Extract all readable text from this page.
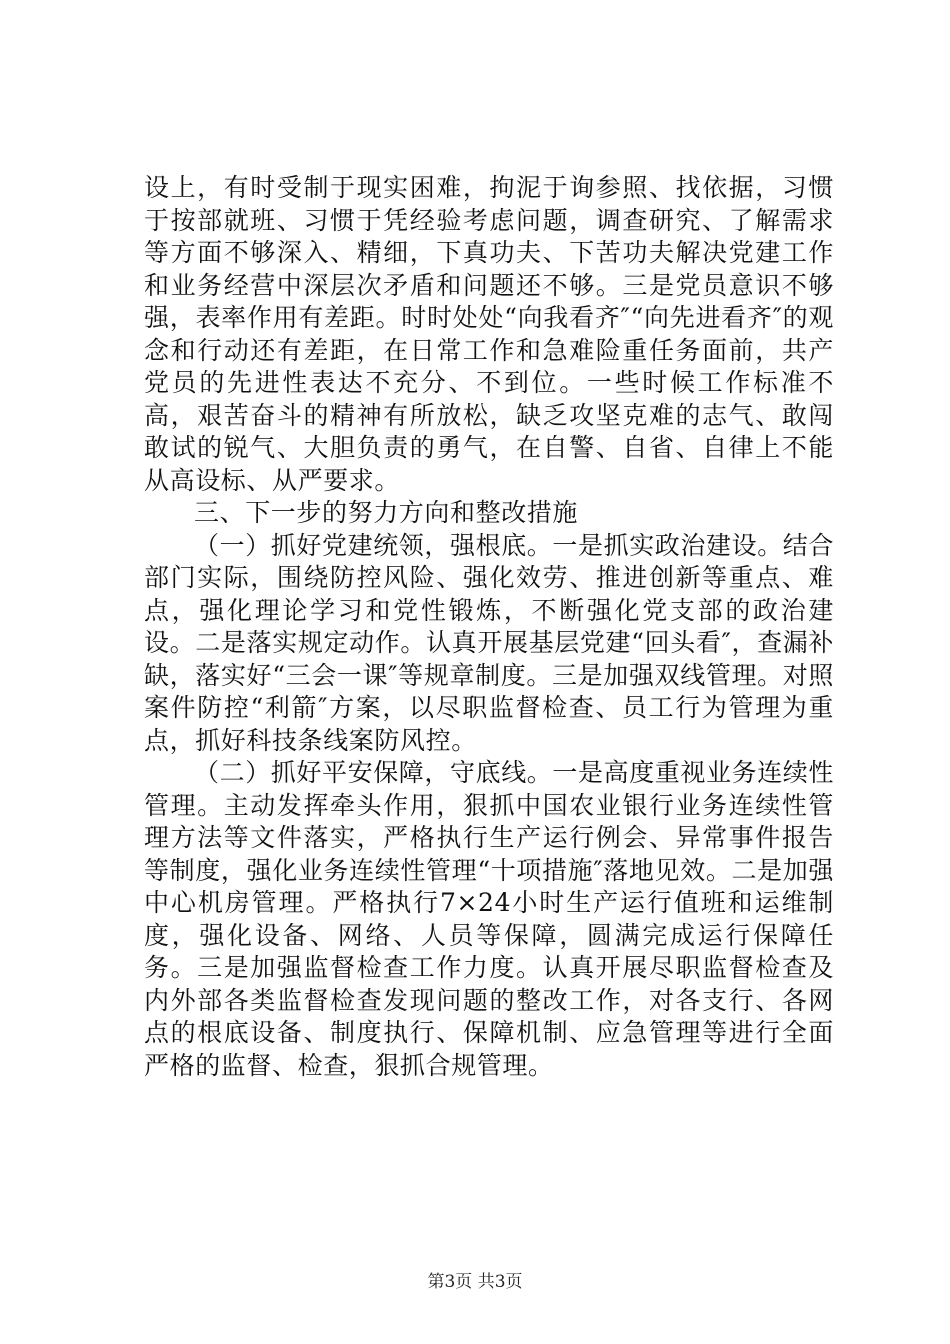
设上，有时受制于现实困难，拘泥于询参照、找依据，习惯于按部就班、习惯于凭经验考虑问题，调查研究、了解需求等方面不够深入、精细，下真功夫、下苦功夫解决党建工作和业务经营中深层次矛盾和问题还不够。三是党员意识不够强，表率作用有差距。时时处处“向我看齐″“向先进看齐″的观念和行动还有差距，在日常工作和急难险重任务面前，共产党员的先进性表达不充分、不到位。一些时候工作标准不高，艰苦奋斗的精神有所放松，缺乏攻坚克难的志气、敢闯敢试的锐气、大胆负责的勇气，在自警、自省、自律上不能从高设标、从严要求。

三、下一步的努力方向和整改措施

（一）抓好党建统领，强根底。一是抓实政治建设。结合部门实际，围绕防控风险、强化效劳、推进创新等重点、难点，强化理论学习和党性锻炼，不断强化党支部的政治建设。二是落实规定动作。认真开展基层党建“回头看″，查漏补缺，落实好“三会一课″等规章制度。三是加强双线管理。对照案件防控“利箭″方案，以尽职监督检查、员工行为管理为重点，抓好科技条线案防风控。

（二）抓好平安保障，守底线。一是高度重视业务连续性管理。主动发挥牵头作用，狠抓中国农业银行业务连续性管理方法等文件落实，严格执行生产运行例会、异常事件报告等制度，强化业务连续性管理“十项措施″落地见效。二是加强中心机房管理。严格执行7×24小时生产运行值班和运维制度，强化设备、网络、人员等保障，圆满完成运行保障任务。三是加强监督检查工作力度。认真开展尽职监督检查及内外部各类监督检查发现问题的整改工作，对各支行、各网点的根底设备、制度执行、保障机制、应急管理等进行全面严格的监督、检查，狠抓合规管理。

第3页 共3页
